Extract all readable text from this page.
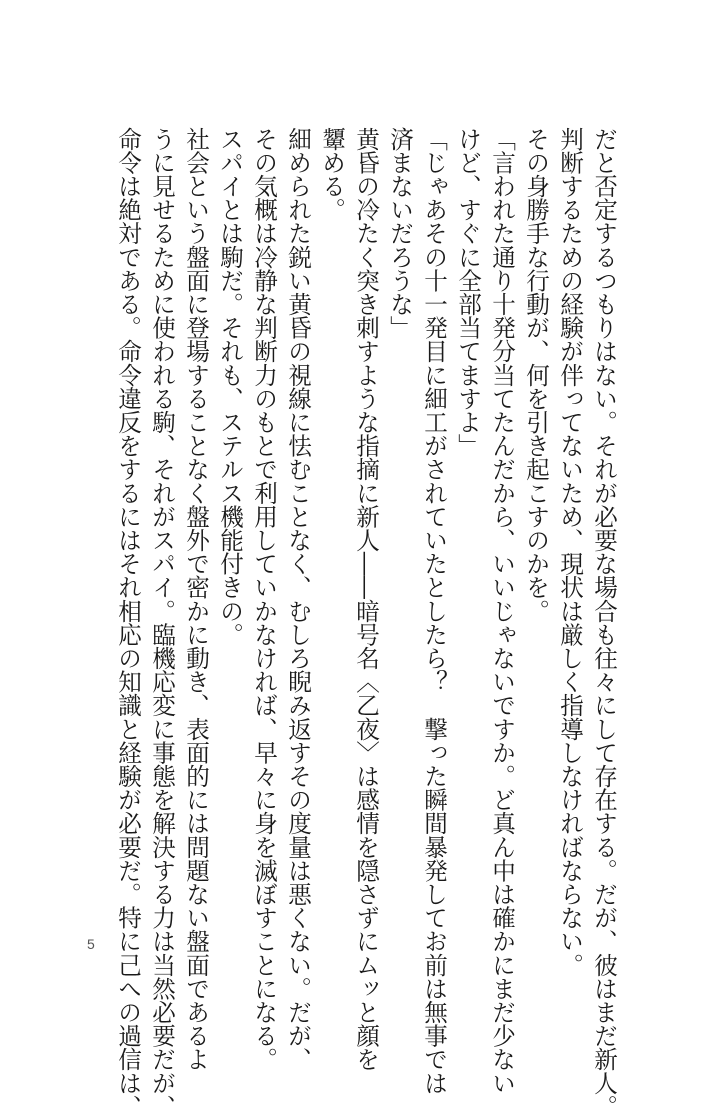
だと否定するつもりはない。それが必要な場合も往々にして存在する。だが、彼はまだ新人。
判断するための経験が伴ってないため、現状は厳しく指導しなければならない。
その身勝手な行動が、何を引き起こすのかを。
「言われた通り十発分当てたんだから、いいじゃないですか。ど真ん中は確かにまだ少ない
けど、すぐに全部当てますよ」
「じゃあその十一発目に細工がされていたとしたら？　撃った瞬間暴発してお前は無事では
済まないだろうな」
黄昏の冷たく突き刺すような指摘に新人――暗号名〈乙夜〉は感情を隠さずにムッと顔を
顰める。
細められた鋭い黄昏の視線に怯むことなく、むしろ睨み返すその度量は悪くない。だが、
その気概は冷静な判断力のもとで利用していかなければ、早々に身を滅ぼすことになる。
スパイとは駒だ。それも、ステルス機能付きの。
社会という盤面に登場することなく盤外で密かに動き、表面的には問題ない盤面であるよ
うに見せるために使われる駒、それがスパイ。臨機応変に事態を解決する力は当然必要だが、
命令は絶対である。命令違反をするにはそれ相応の知識と経験が必要だ。特に己への過信は、
5
